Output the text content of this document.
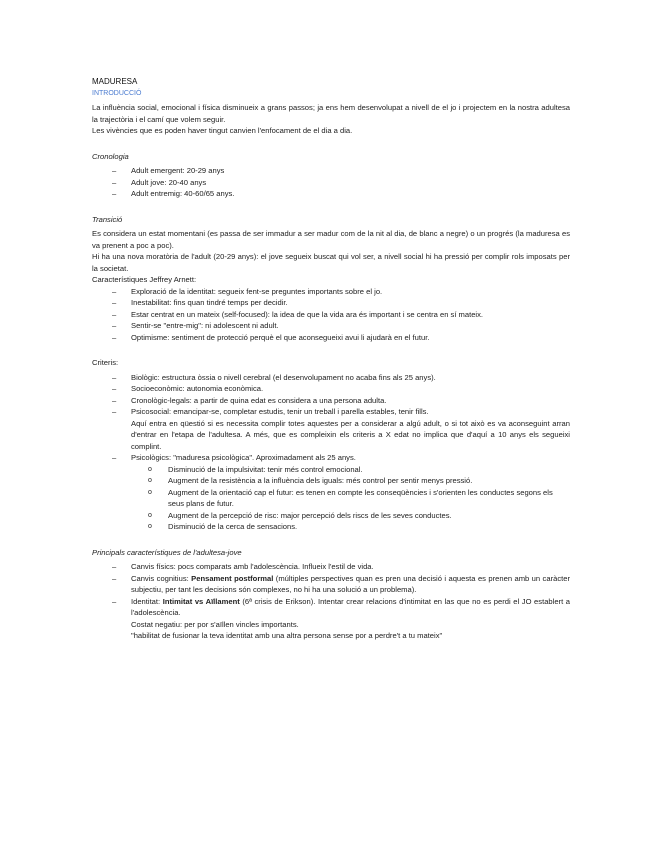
MADURESA

INTRODUCCIÓ

La influència social, emocional i física disminueix a grans passos; ja ens hem desenvolupat a nivell de el jo i projectem en la nostra adultesa la trajectòria i el camí que volem seguir.

Les vivències que es poden haver tingut canvien l'enfocament de el dia a dia.

Cronologia

– Adult emergent: 20-29 anys
– Adult jove: 20-40 anys
– Adult entremig: 40-60/65 anys.

Transició

Es considera un estat momentani (es passa de ser immadur a ser madur com de la nit al dia, de blanc a negre) o un progrés (la maduresa es va prenent a poc a poc).

Hi ha una nova moratòria de l'adult (20-29 anys): el jove segueix buscat qui vol ser, a nivell social hi ha pressió per complir rols imposats per la societat.

Característiques Jeffrey Arnett:

– Exploració de la identitat: segueix fent-se preguntes importants sobre el jo.
– Inestabilitat: fins quan tindré temps per decidir.
– Estar centrat en un mateix (self-focused): la idea de que la vida ara és important i se centra en sí mateix.
– Sentir-se "entre-mig": ni adolescent ni adult.
– Optimisme: sentiment de protecció perquè el que aconsegueixi avui li ajudarà en el futur.

Criteris:

– Biològic: estructura òssia o nivell cerebral (el desenvolupament no acaba fins als 25 anys).
– Socioeconòmic: autonomia econòmica.
– Cronològic-legals: a partir de quina edat es considera a una persona adulta.
– Psicosocial: emancipar-se, completar estudis, tenir un treball i parella estables, tenir fills.

Aquí entra en qüestió si es necessita complir totes aquestes per a considerar a algú adult, o si tot això es va aconseguint arran d'entrar en l'etapa de l'adultesa. A més, que es compleixin els criteris a X edat no implica que d'aquí a 10 anys els segueixi complint.

– Psicològics: "maduresa psicològica". Aproximadament als 25 anys.
o Disminució de la impulsivitat: tenir més control emocional.
o Augment de la resistència a la influència dels iguals: més control per sentir menys pressió.
o Augment de la orientació cap el futur: es tenen en compte les conseqüències i s'orienten les conductes segons els seus plans de futur.
o Augment de la percepció de risc: major percepció dels riscs de les seves conductes.
o Disminució de la cerca de sensacions.

Principals característiques de l'adultesa-jove

– Canvis físics: pocs comparats amb l'adolescència. Influeix l'estil de vida.
– Canvis cognitius: Pensament postformal (múltiples perspectives quan es pren una decisió i aquesta es prenen amb un caràcter subjectiu, per tant les decisions són complexes, no hi ha una solució a un problema).
– Identitat: Intimitat vs Aïllament (6ª crisis de Erikson). Intentar crear relacions d'intimitat en las que no es perdi el JO establert a l'adolescència.

Costat negatiu: per por s'aïllen vincles importants.

"habilitat de fusionar la teva identitat amb una altra persona sense por a perdre't a tu mateix"
